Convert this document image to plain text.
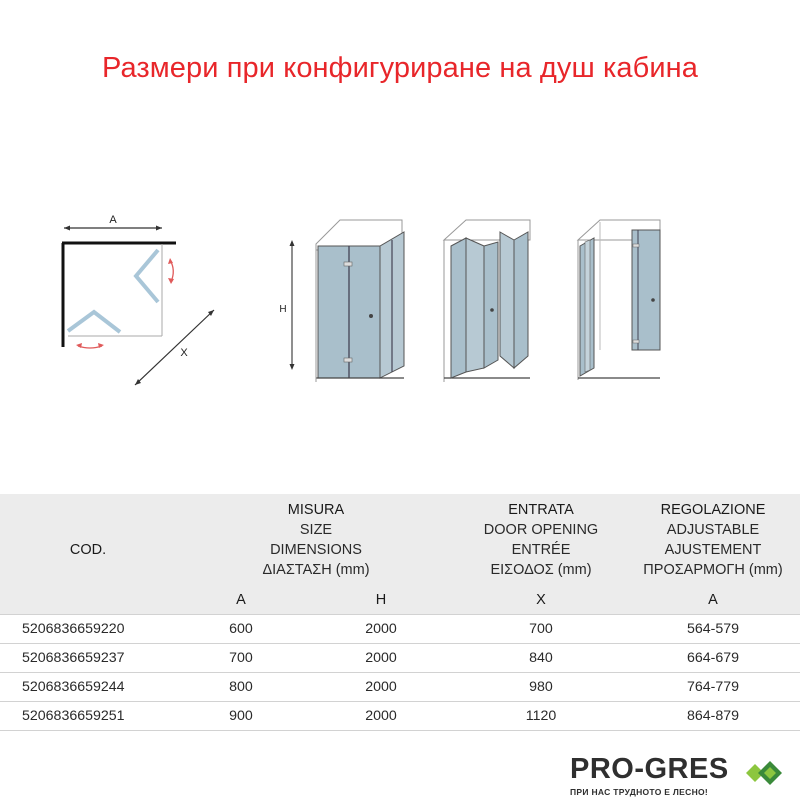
Размери при конфигуриране на душ кабина
A
X
H
COD.	MISURA
SIZE
DIMENSIONS
ΔΙΑΣΤΑΣΗ (mm)		ENTRATA
DOOR OPENING
ENTRÉE
ΕΙΣΟΔΟΣ (mm)	REGOLAZIONE
ADJUSTABLE
AJUSTEMENT
ΠΡΟΣΑΡΜΟΓΗ (mm)

	A	H	X	A
5206836659220	600	2000	700	564-579
5206836659237	700	2000	840	664-679
5206836659244	800	2000	980	764-779
5206836659251	900	2000	1120	864-879
PRO-GRES
ПРИ НАС ТРУДНОТО Е ЛЕСНО!
